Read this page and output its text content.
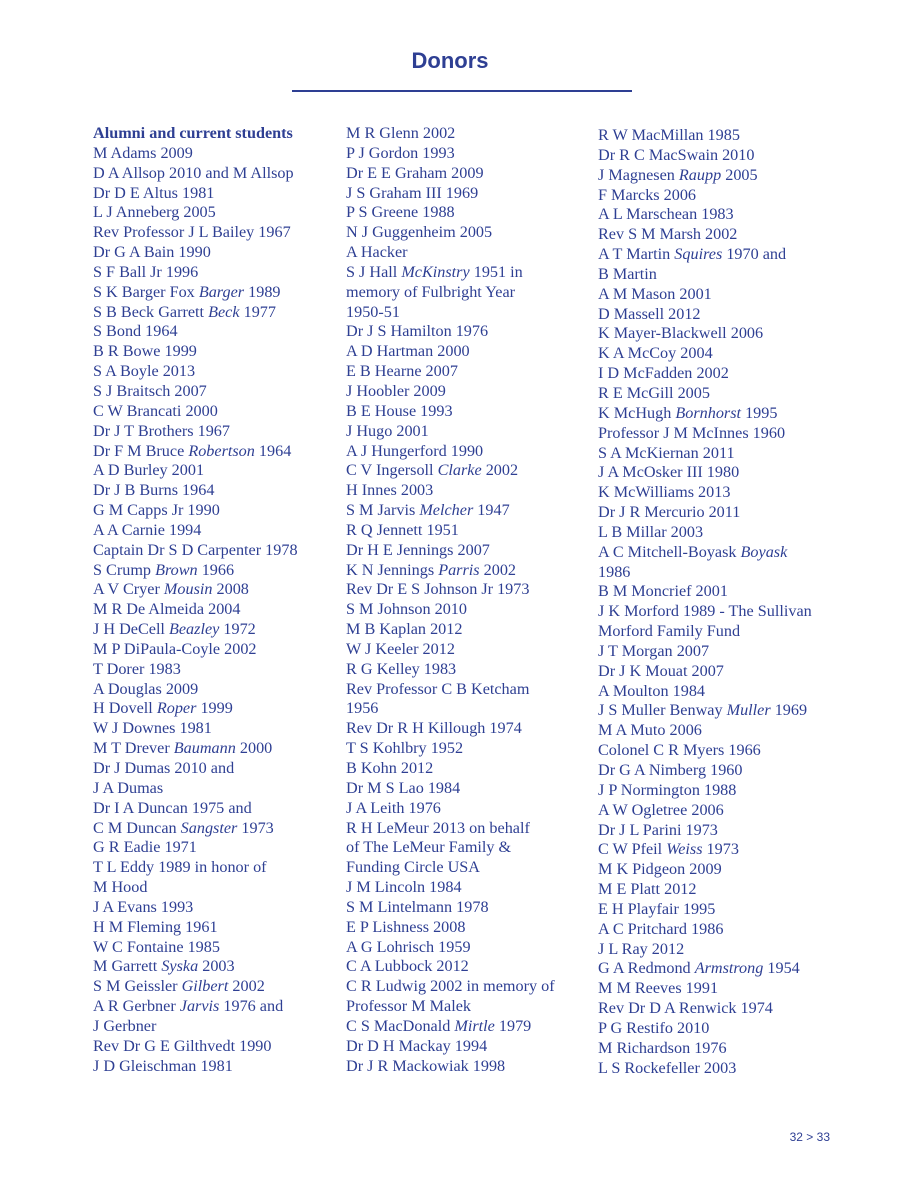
Donors
Alumni and current students
M Adams 2009
D A Allsop 2010 and M Allsop
Dr D E Altus 1981
L J Anneberg 2005
Rev Professor J L Bailey 1967
Dr G A Bain 1990
S F Ball Jr 1996
S K Barger Fox Barger 1989
S B Beck Garrett Beck 1977
S Bond 1964
B R Bowe 1999
S A Boyle 2013
S J Braitsch 2007
C W Brancati 2000
Dr J T Brothers 1967
Dr F M Bruce Robertson 1964
A D Burley 2001
Dr J B Burns 1964
G M Capps Jr 1990
A A Carnie 1994
Captain Dr S D Carpenter 1978
S Crump Brown 1966
A V Cryer Mousin 2008
M R De Almeida 2004
J H DeCell Beazley 1972
M P DiPaula-Coyle 2002
T Dorer 1983
A Douglas 2009
H Dovell Roper 1999
W J Downes 1981
M T Drever Baumann 2000
Dr J Dumas 2010 and
J A Dumas
Dr I A Duncan 1975 and
C M Duncan Sangster 1973
G R Eadie 1971
T L Eddy 1989 in honor of
M Hood
J A Evans 1993
H M Fleming 1961
W C Fontaine 1985
M Garrett Syska 2003
S M Geissler Gilbert 2002
A R Gerbner Jarvis 1976 and
J Gerbner
Rev Dr G E Gilthvedt 1990
J D Gleischman 1981
M R Glenn 2002
P J Gordon 1993
Dr E E Graham 2009
J S Graham III 1969
P S Greene 1988
N J Guggenheim 2005
A Hacker
S J Hall McKinstry 1951 in
memory of Fulbright Year
1950-51
Dr J S Hamilton 1976
A D Hartman 2000
E B Hearne 2007
J Hoobler 2009
B E House 1993
J Hugo 2001
A J Hungerford 1990
C V Ingersoll Clarke 2002
H Innes 2003
S M Jarvis Melcher 1947
R Q Jennett 1951
Dr H E Jennings 2007
K N Jennings Parris 2002
Rev Dr E S Johnson Jr 1973
S M Johnson 2010
M B Kaplan 2012
W J Keeler 2012
R G Kelley 1983
Rev Professor C B Ketcham
1956
Rev Dr R H Killough 1974
T S Kohlbry 1952
B Kohn 2012
Dr M S Lao 1984
J A Leith 1976
R H LeMeur 2013 on behalf
of The LeMeur Family &
Funding Circle USA
J M Lincoln 1984
S M Lintelmann 1978
E P Lishness 2008
A G Lohrisch 1959
C A Lubbock 2012
C R Ludwig 2002 in memory of
Professor M Malek
C S MacDonald Mirtle 1979
Dr D H Mackay 1994
Dr J R Mackowiak 1998
R W MacMillan 1985
Dr R C MacSwain 2010
J Magnesen Raupp 2005
F Marcks 2006
A L Marschean 1983
Rev S M Marsh 2002
A T Martin Squires 1970 and
B Martin
A M Mason 2001
D Massell 2012
K Mayer-Blackwell 2006
K A McCoy 2004
I D McFadden 2002
R E McGill 2005
K McHugh Bornhorst 1995
Professor J M McInnes 1960
S A McKiernan 2011
J A McOsker III 1980
K McWilliams 2013
Dr J R Mercurio 2011
L B Millar 2003
A C Mitchell-Boyask Boyask
1986
B M Moncrief 2001
J K Morford 1989 - The Sullivan
Morford Family Fund
J T Morgan 2007
Dr J K Mouat 2007
A Moulton 1984
J S Muller Benway Muller 1969
M A Muto 2006
Colonel C R Myers 1966
Dr G A Nimberg 1960
J P Normington 1988
A W Ogletree 2006
Dr J L Parini 1973
C W Pfeil Weiss 1973
M K Pidgeon 2009
M E Platt 2012
E H Playfair 1995
A C Pritchard 1986
J L Ray 2012
G A Redmond Armstrong 1954
M M Reeves 1991
Rev Dr D A Renwick 1974
P G Restifo 2010
M Richardson 1976
L S Rockefeller 2003
32 > 33
